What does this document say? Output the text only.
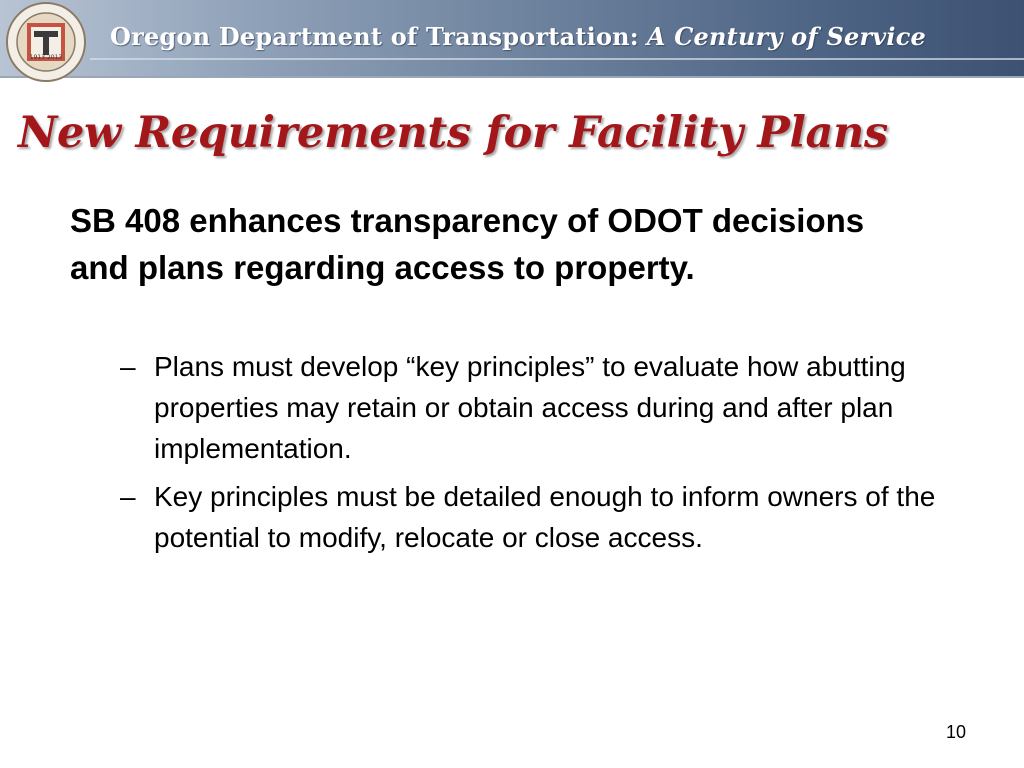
1913 2013
Oregon Department of Transportation: A Century of Service
New Requirements for Facility Plans
SB 408 enhances transparency of ODOT decisions and plans regarding access to property.
– Plans must develop “key principles” to evaluate how abutting properties may retain or obtain access during and after plan implementation.
– Key principles must be detailed enough to inform owners of the potential to modify, relocate or close access.
10
